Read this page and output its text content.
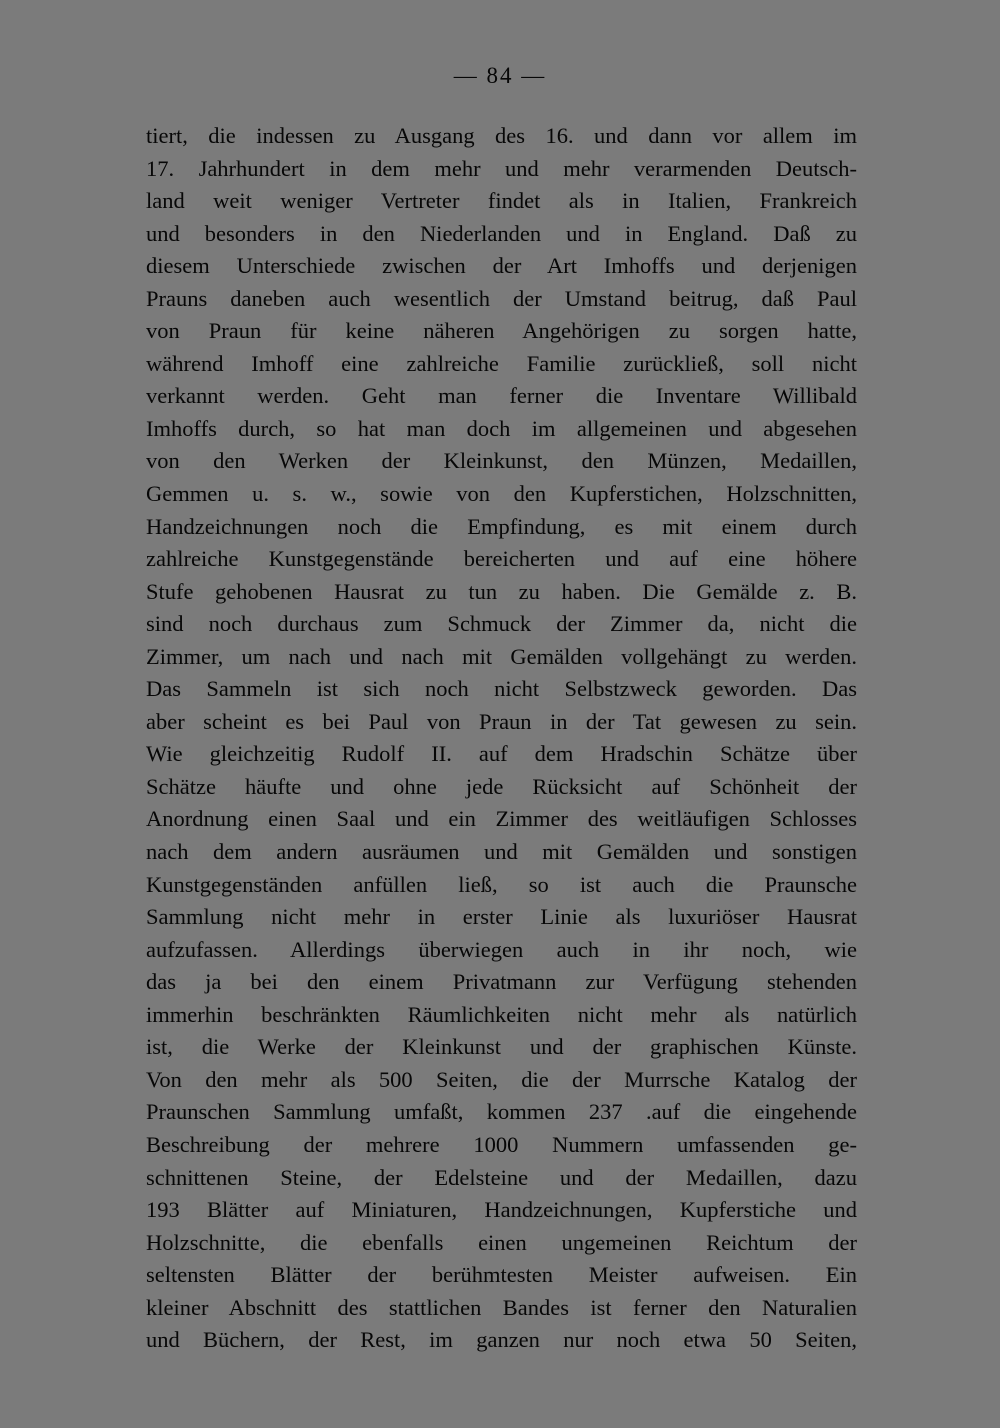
— 84 —
tiert, die indessen zu Ausgang des 16. und dann vor allem im
17. Jahrhundert in dem mehr und mehr verarmenden Deutsch-
land weit weniger Vertreter findet als in Italien, Frankreich
und besonders in den Niederlanden und in England. Daß zu
diesem Unterschiede zwischen der Art Imhoffs und derjenigen
Prauns daneben auch wesentlich der Umstand beitrug, daß Paul
von Praun für keine näheren Angehörigen zu sorgen hatte,
während Imhoff eine zahlreiche Familie zurückließ, soll nicht
verkannt werden. Geht man ferner die Inventare Willibald
Imhoffs durch, so hat man doch im allgemeinen und abgesehen
von den Werken der Kleinkunst, den Münzen, Medaillen,
Gemmen u. s. w., sowie von den Kupferstichen, Holzschnitten,
Handzeichnungen noch die Empfindung, es mit einem durch
zahlreiche Kunstgegenstände bereicherten und auf eine höhere
Stufe gehobenen Hausrat zu tun zu haben. Die Gemälde z. B.
sind noch durchaus zum Schmuck der Zimmer da, nicht die
Zimmer, um nach und nach mit Gemälden vollgehängt zu werden.
Das Sammeln ist sich noch nicht Selbstzweck geworden. Das
aber scheint es bei Paul von Praun in der Tat gewesen zu sein.
Wie gleichzeitig Rudolf II. auf dem Hradschin Schätze über
Schätze häufte und ohne jede Rücksicht auf Schönheit der
Anordnung einen Saal und ein Zimmer des weitläufigen Schlosses
nach dem andern ausräumen und mit Gemälden und sonstigen
Kunstgegenständen anfüllen ließ, so ist auch die Praunsche
Sammlung nicht mehr in erster Linie als luxuriöser Hausrat
aufzufassen. Allerdings überwiegen auch in ihr noch, wie
das ja bei den einem Privatmann zur Verfügung stehenden
immerhin beschränkten Räumlichkeiten nicht mehr als natürlich
ist, die Werke der Kleinkunst und der graphischen Künste.
Von den mehr als 500 Seiten, die der Murrsche Katalog der
Praunschen Sammlung umfaßt, kommen 237 .auf die eingehende
Beschreibung der mehrere 1000 Nummern umfassenden ge-
schnittenen Steine, der Edelsteine und der Medaillen, dazu
193 Blätter auf Miniaturen, Handzeichnungen, Kupferstiche und
Holzschnitte, die ebenfalls einen ungemeinen Reichtum der
seltensten Blätter der berühmtesten Meister aufweisen. Ein
kleiner Abschnitt des stattlichen Bandes ist ferner den Naturalien
und Büchern, der Rest, im ganzen nur noch etwa 50 Seiten,
